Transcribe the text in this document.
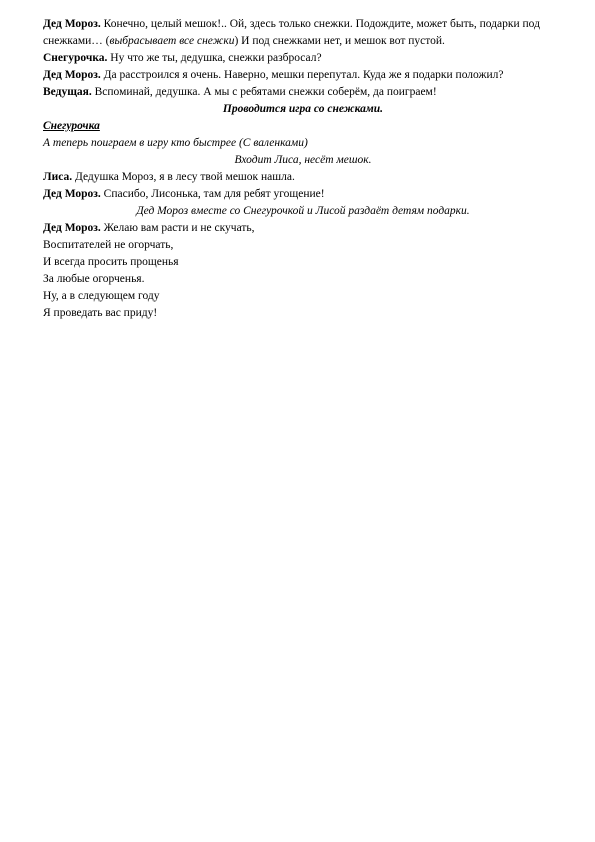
Дед Мороз. Конечно, целый мешок!.. Ой, здесь только снежки. Подождите, может быть, подарки под снежками… (выбрасывает все снежки) И под снежками нет, и мешок вот пустой.

Снегурочка. Ну что же ты, дедушка, снежки разбросал?

Дед Мороз. Да расстроился я очень. Наверно, мешки перепутал. Куда же я подарки положил?

Ведущая. Вспоминай, дедушка. А мы с ребятами снежки соберём, да поиграем!

Проводится игра со снежками.

Снегурочка

А теперь поиграем в игру кто быстрее (С валенками)

Входит Лиса, несёт мешок.

Лиса. Дедушка Мороз, я в лесу твой мешок нашла.

Дед Мороз. Спасибо, Лисонька, там для ребят угощение!

Дед Мороз вместе со Снегурочкой и Лисой раздаёт детям подарки.

Дед Мороз. Желаю вам расти и не скучать,

Воспитателей не огорчать,

И всегда просить прощенья

За любые огорченья.

Ну, а в следующем году

Я проведать вас приду!
